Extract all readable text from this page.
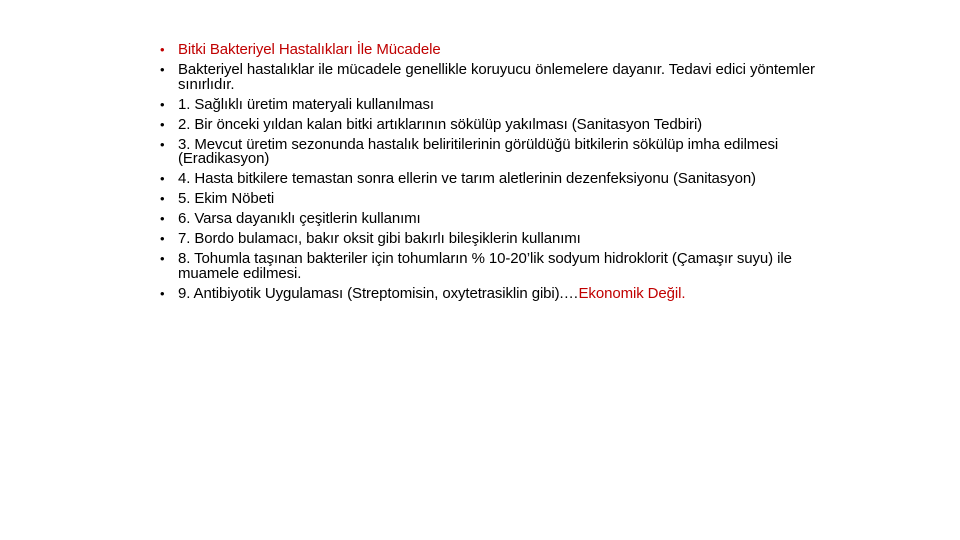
• Bitki Bakteriyel Hastalıkları İle Mücadele
• Bakteriyel hastalıklar ile mücadele genellikle koruyucu önlemelere dayanır. Tedavi edici yöntemler sınırlıdır.
• 1. Sağlıklı üretim materyali kullanılması
• 2. Bir önceki yıldan kalan bitki artıklarının sökülüp yakılması (Sanitasyon Tedbiri)
• 3. Mevcut üretim sezonunda hastalık beliritilerinin görüldüğü bitkilerin sökülüp imha edilmesi (Eradikasyon)
• 4. Hasta bitkilere temastan sonra ellerin ve tarım aletlerinin dezenfeksiyonu (Sanitasyon)
• 5. Ekim Nöbeti
• 6. Varsa dayanıklı çeşitlerin kullanımı
• 7. Bordo bulamacı, bakır oksit gibi bakırlı bileşiklerin kullanımı
• 8. Tohumla taşınan bakteriler için tohumların % 10-20’lik sodyum hidroklorit (Çamaşır suyu) ile muamele edilmesi.
• 9. Antibiyotik Uygulaması (Streptomisin, oxytetrasiklin gibi).…Ekonomik Değil.
